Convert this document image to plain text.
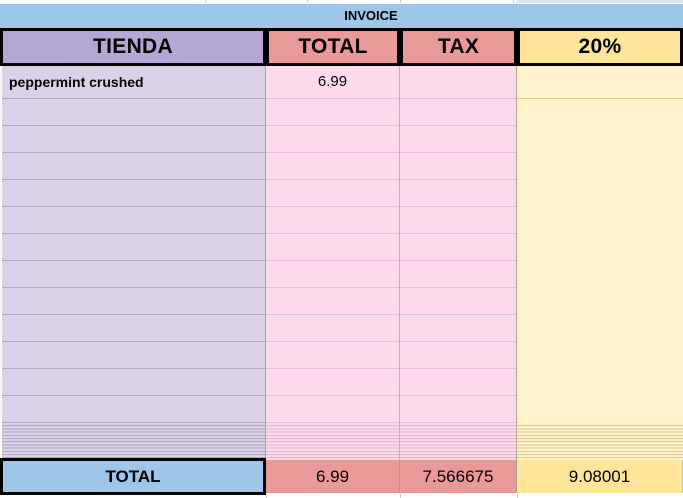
INVOICE
TIENDA	TOTAL	TAX	20%
peppermint crushed	6.99
TOTAL	6.99	7.566675	9.08001
